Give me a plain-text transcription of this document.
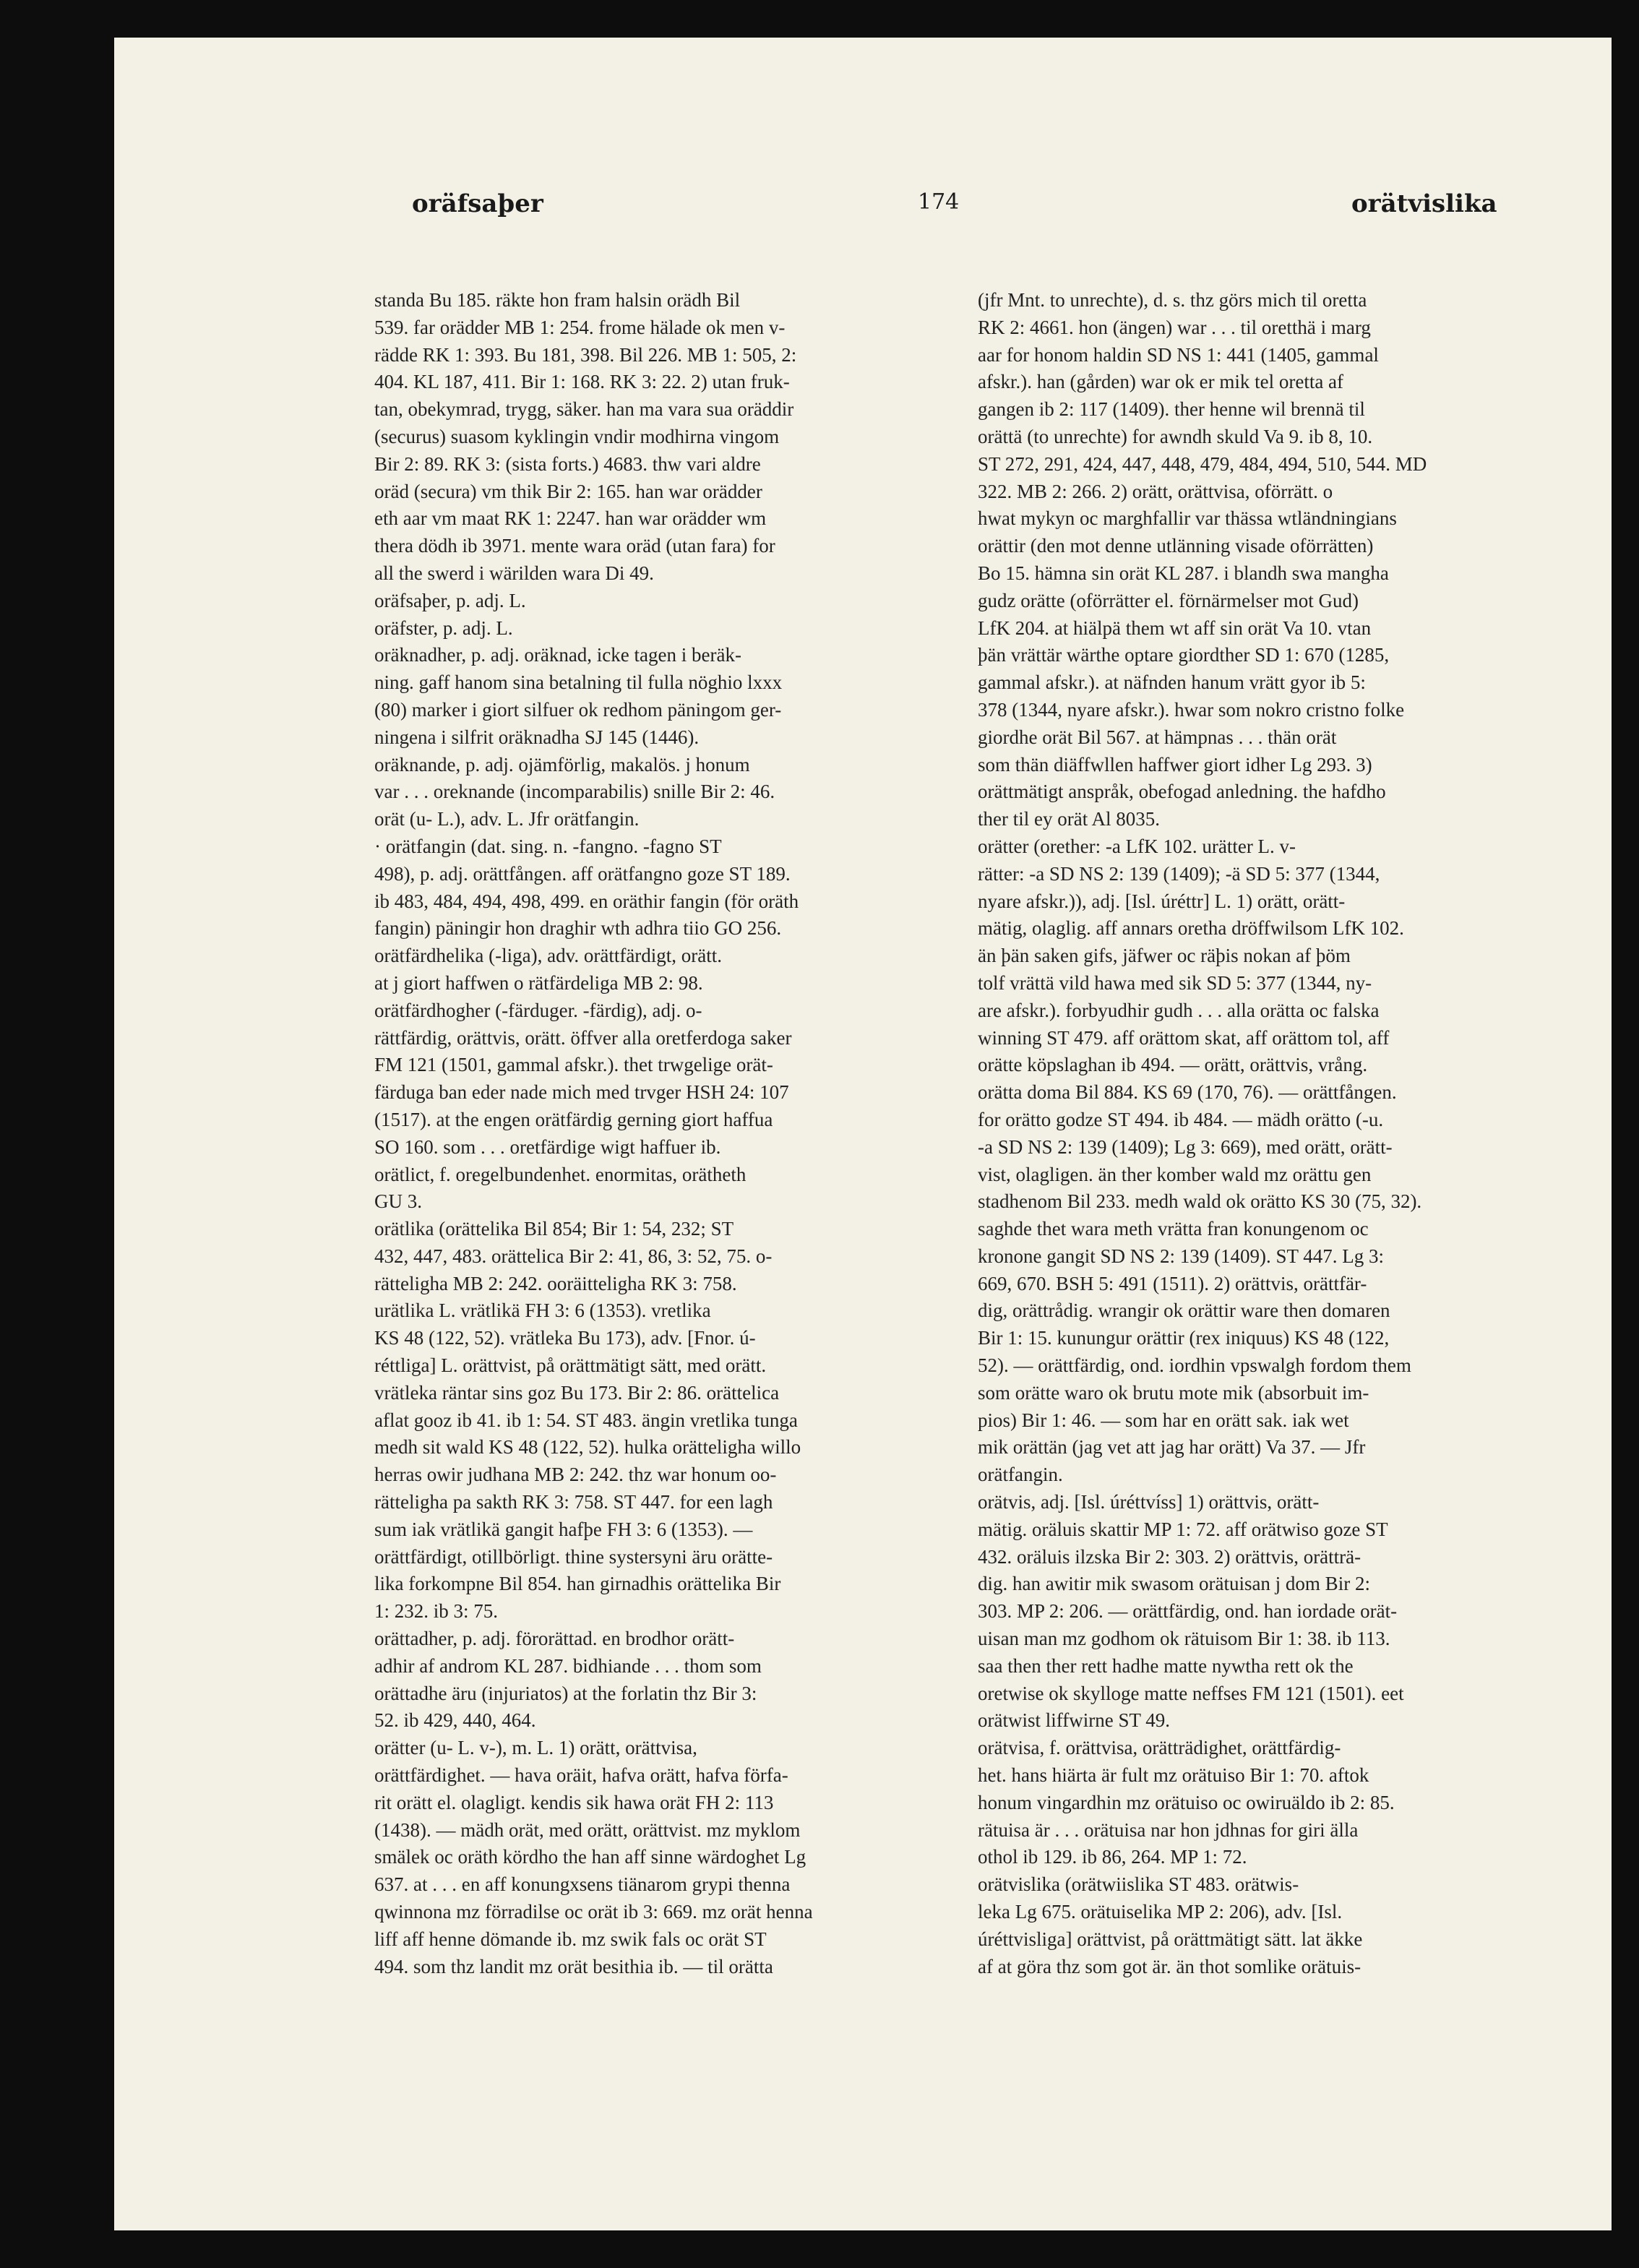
oräfsaþer	174	orätvislika
standa Bu 185. räkte hon fram halsin orädh Bil
539. far orädder MB 1: 254. frome hälade ok men v-
rädde RK 1: 393. Bu 181, 398. Bil 226. MB 1: 505, 2:
404. KL 187, 411. Bir 1: 168. RK 3: 22. 2) utan fruk-
tan, obekymrad, trygg, säker. han ma vara sua oräddir
(securus) suasom kyklingin vndir modhirna vingom
Bir 2: 89. RK 3: (sista forts.) 4683. thw vari aldre
oräd (secura) vm thik Bir 2: 165. han war orädder
eth aar vm maat RK 1: 2247. han war orädder wm
thera dödh ib 3971. mente wara oräd (utan fara) for
all the swerd i wärilden wara Di 49.
oräfsaþer, p. adj. L.
oräfster, p. adj. L.
oräknadher, p. adj. oräknad, icke tagen i beräk-
ning. gaff hanom sina betalning til fulla nöghio lxxx
(80) marker i giort silfuer ok redhom päningom ger-
ningena i silfrit oräknadha SJ 145 (1446).
oräknande, p. adj. ojämförlig, makalös. j honum
var . . . oreknande (incomparabilis) snille Bir 2: 46.
orät (u- L.), adv. L. Jfr orätfangin.
· orätfangin (dat. sing. n. -fangno. -fagno ST
498), p. adj. orättfången. aff orätfangno goze ST 189.
ib 483, 484, 494, 498, 499. en oräthir fangin (för oräth
fangin) päningir hon draghir wth adhra tiio GO 256.
orätfärdhelika (-liga), adv. orättfärdigt, orätt.
at j giort haffwen o rätfärdeliga MB 2: 98.
orätfärdhogher (-färduger. -färdig), adj. o-
rättfärdig, orättvis, orätt. öffver alla oretferdoga saker
FM 121 (1501, gammal afskr.). thet trwgelige orät-
färduga ban eder nade mich med trvger HSH 24: 107
(1517). at the engen orätfärdig gerning giort haffua
SO 160. som . . . oretfärdige wigt haffuer ib.
orätlict, f. oregelbundenhet. enormitas, orätheth
GU 3.
orätlika (orättelika Bil 854; Bir 1: 54, 232; ST
432, 447, 483. orättelica Bir 2: 41, 86, 3: 52, 75. o-
rätteligha MB 2: 242. ooräitteligha RK 3: 758.
urätlika L. vrätlikä FH 3: 6 (1353). vretlika
KS 48 (122, 52). vrätleka Bu 173), adv. [Fnor. ú-
réttliga] L. orättvist, på orättmätigt sätt, med orätt.
vrätleka räntar sins goz Bu 173. Bir 2: 86. orättelica
aflat gooz ib 41. ib 1: 54. ST 483. ängin vretlika tunga
medh sit wald KS 48 (122, 52). hulka orätteligha willo
herras owir judhana MB 2: 242. thz war honum oo-
rätteligha pa sakth RK 3: 758. ST 447. for een lagh
sum iak vrätlikä gangit hafþe FH 3: 6 (1353). —
orättfärdigt, otillbörligt. thine systersyni äru orätte-
lika forkompne Bil 854. han girnadhis orättelika Bir
1: 232. ib 3: 75.
orättadher, p. adj. förorättad. en brodhor orätt-
adhir af androm KL 287. bidhiande . . . thom som
orättadhe äru (injuriatos) at the forlatin thz Bir 3:
52. ib 429, 440, 464.
orätter (u- L. v-), m. L. 1) orätt, orättvisa,
orättfärdighet. — hava oräit, hafva orätt, hafva förfa-
rit orätt el. olagligt. kendis sik hawa orät FH 2: 113
(1438). — mädh orät, med orätt, orättvist. mz myklom
smälek oc oräth kördho the han aff sinne wärdoghet Lg
637. at . . . en aff konungxsens tiänarom grypi thenna
qwinnona mz förradilse oc orät ib 3: 669. mz orät henna
liff aff henne dömande ib. mz swik fals oc orät ST
494. som thz landit mz orät besithia ib. — til orätta
(jfr Mnt. to unrechte), d. s. thz görs mich til oretta
RK 2: 4661. hon (ängen) war . . . til oretthä i marg
aar for honom haldin SD NS 1: 441 (1405, gammal
afskr.). han (gården) war ok er mik tel oretta af
gangen ib 2: 117 (1409). ther henne wil brennä til
orättä (to unrechte) for awndh skuld Va 9. ib 8, 10.
ST 272, 291, 424, 447, 448, 479, 484, 494, 510, 544. MD
322. MB 2: 266. 2) orätt, orättvisa, oförrätt. o
hwat mykyn oc marghfallir var thässa wtländningians
orättir (den mot denne utlänning visade oförrätten)
Bo 15. hämna sin orät KL 287. i blandh swa mangha
gudz orätte (oförrätter el. förnärmelser mot Gud)
LfK 204. at hiälpä them wt aff sin orät Va 10. vtan
þän vrättär wärthe optare giordther SD 1: 670 (1285,
gammal afskr.). at näfnden hanum vrätt gyor ib 5:
378 (1344, nyare afskr.). hwar som nokro cristno folke
giordhe orät Bil 567. at hämpnas . . . thän orät
som thän diäffwllen haffwer giort idher Lg 293. 3)
orättmätigt anspråk, obefogad anledning. the hafdho
ther til ey orät Al 8035.
orätter (orether: -a LfK 102. urätter L. v-
rätter: -a SD NS 2: 139 (1409); -ä SD 5: 377 (1344,
nyare afskr.)), adj. [Isl. úréttr] L. 1) orätt, orätt-
mätig, olaglig. aff annars oretha dröffwilsom LfK 102.
än þän saken gifs, jäfwer oc räþis nokan af þöm
tolf vrättä vild hawa med sik SD 5: 377 (1344, ny-
are afskr.). forbyudhir gudh . . . alla orätta oc falska
winning ST 479. aff orättom skat, aff orättom tol, aff
orätte köpslaghan ib 494. — orätt, orättvis, vrång.
orätta doma Bil 884. KS 69 (170, 76). — orättfången.
for orätto godze ST 494. ib 484. — mädh orätto (-u.
-a SD NS 2: 139 (1409); Lg 3: 669), med orätt, orätt-
vist, olagligen. än ther komber wald mz orättu gen
stadhenom Bil 233. medh wald ok orätto KS 30 (75, 32).
saghde thet wara meth vrätta fran konungenom oc
kronone gangit SD NS 2: 139 (1409). ST 447. Lg 3:
669, 670. BSH 5: 491 (1511). 2) orättvis, orättfär-
dig, orättrådig. wrangir ok orättir ware then domaren
Bir 1: 15. kunungur orättir (rex iniquus) KS 48 (122,
52). — orättfärdig, ond. iordhin vpswalgh fordom them
som orätte waro ok brutu mote mik (absorbuit im-
pios) Bir 1: 46. — som har en orätt sak. iak wet
mik orättän (jag vet att jag har orätt) Va 37. — Jfr
orätfangin.
orätvis, adj. [Isl. úréttvíss] 1) orättvis, orätt-
mätig. oräluis skattir MP 1: 72. aff orätwiso goze ST
432. oräluis ilzska Bir 2: 303. 2) orättvis, orätträ-
dig. han awitir mik swasom orätuisan j dom Bir 2:
303. MP 2: 206. — orättfärdig, ond. han iordade orät-
uisan man mz godhom ok rätuisom Bir 1: 38. ib 113.
saa then ther rett hadhe matte nywtha rett ok the
oretwise ok skylloge matte neffses FM 121 (1501). eet
orätwist liffwirne ST 49.
orätvisa, f. orättvisa, orätträdighet, orättfärdig-
het. hans hiärta är fult mz orätuiso Bir 1: 70. aftok
honum vingardhin mz orätuiso oc owiruäldo ib 2: 85.
rätuisa är . . . orätuisa nar hon jdhnas for giri älla
othol ib 129. ib 86, 264. MP 1: 72.
orätvislika (orätwiislika ST 483. orätwis-
leka Lg 675. orätuiselika MP 2: 206), adv. [Isl.
úréttvisliga] orättvist, på orättmätigt sätt. lat äkke
af at göra thz som got är. än thot somlike orätuis-
